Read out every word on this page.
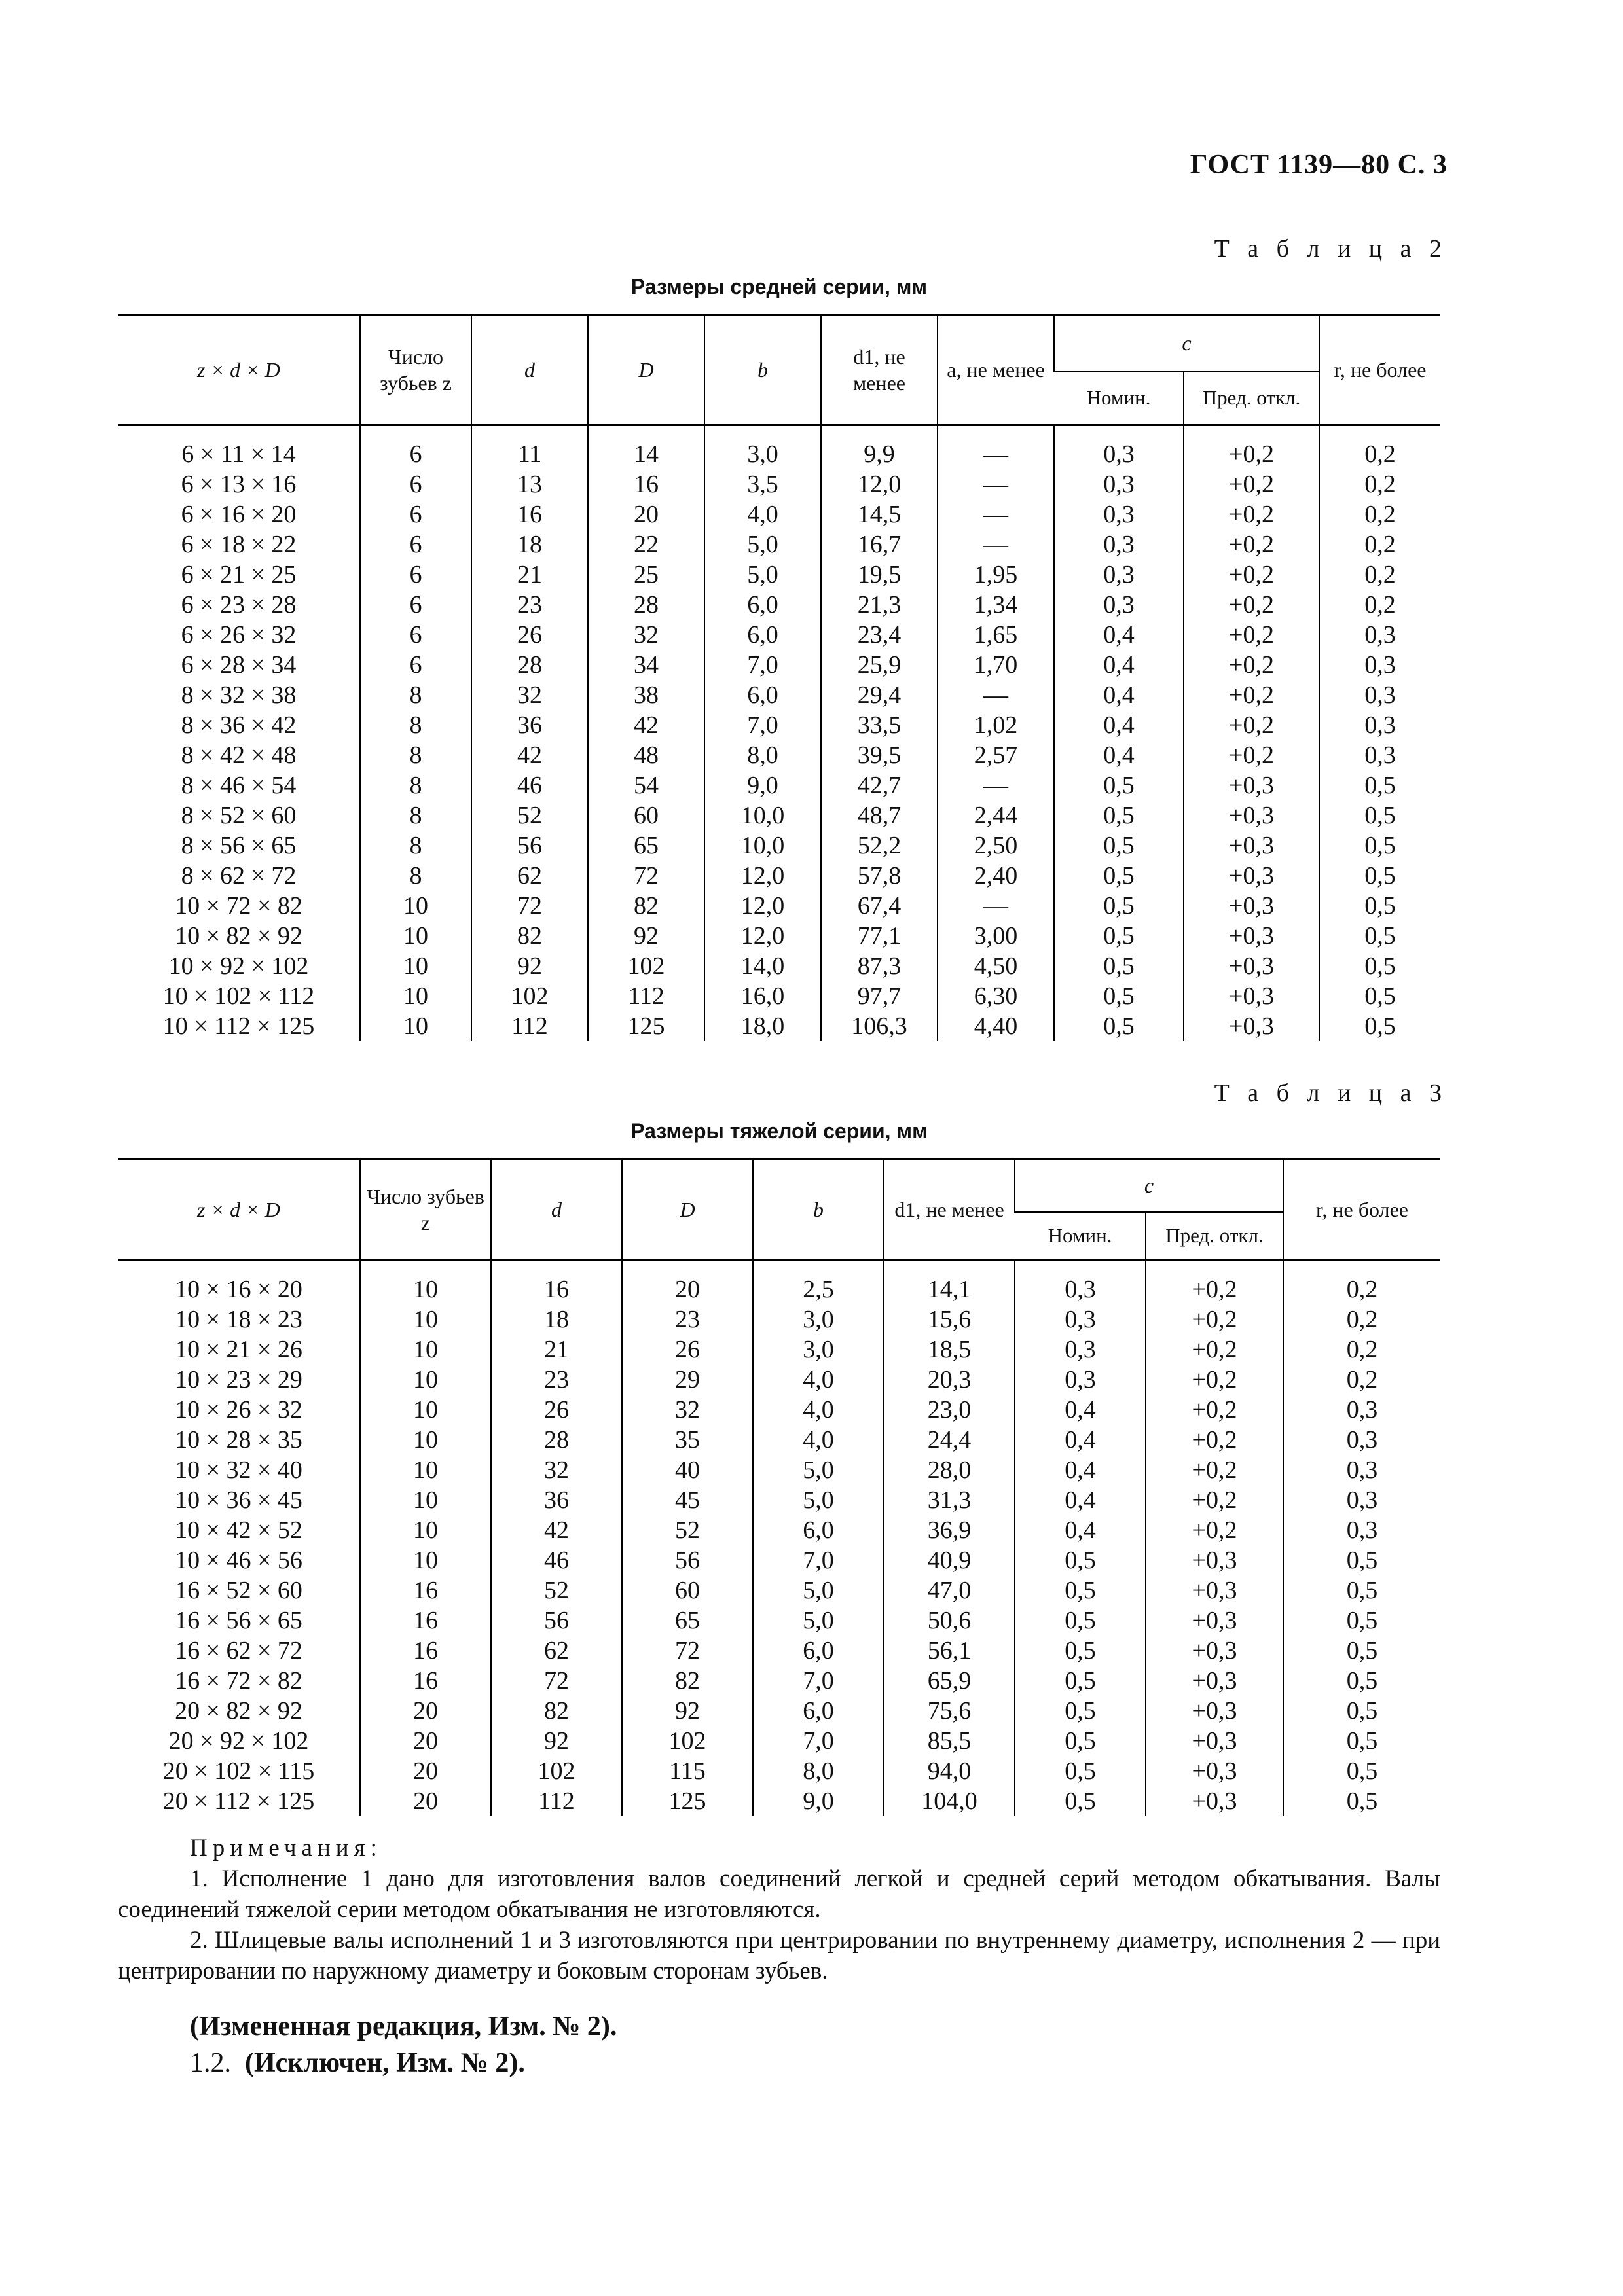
ГОСТ 1139—80 С. 3
Т а б л и ц а 2
Размеры средней серии, мм
z × d × D	Число зубьев z	d	D	b	d1, не менее	a, не менее	c		r, не более
							Номин.	Пред. откл.	
6 × 11 × 14	6	11	14	3,0	9,9	—	0,3	+0,2	0,2
6 × 13 × 16	6	13	16	3,5	12,0	—	0,3	+0,2	0,2
6 × 16 × 20	6	16	20	4,0	14,5	—	0,3	+0,2	0,2
6 × 18 × 22	6	18	22	5,0	16,7	—	0,3	+0,2	0,2
6 × 21 × 25	6	21	25	5,0	19,5	1,95	0,3	+0,2	0,2
6 × 23 × 28	6	23	28	6,0	21,3	1,34	0,3	+0,2	0,2
6 × 26 × 32	6	26	32	6,0	23,4	1,65	0,4	+0,2	0,3
6 × 28 × 34	6	28	34	7,0	25,9	1,70	0,4	+0,2	0,3
8 × 32 × 38	8	32	38	6,0	29,4	—	0,4	+0,2	0,3
8 × 36 × 42	8	36	42	7,0	33,5	1,02	0,4	+0,2	0,3
8 × 42 × 48	8	42	48	8,0	39,5	2,57	0,4	+0,2	0,3
8 × 46 × 54	8	46	54	9,0	42,7	—	0,5	+0,3	0,5
8 × 52 × 60	8	52	60	10,0	48,7	2,44	0,5	+0,3	0,5
8 × 56 × 65	8	56	65	10,0	52,2	2,50	0,5	+0,3	0,5
8 × 62 × 72	8	62	72	12,0	57,8	2,40	0,5	+0,3	0,5
10 × 72 × 82	10	72	82	12,0	67,4	—	0,5	+0,3	0,5
10 × 82 × 92	10	82	92	12,0	77,1	3,00	0,5	+0,3	0,5
10 × 92 × 102	10	92	102	14,0	87,3	4,50	0,5	+0,3	0,5
10 × 102 × 112	10	102	112	16,0	97,7	6,30	0,5	+0,3	0,5
10 × 112 × 125	10	112	125	18,0	106,3	4,40	0,5	+0,3	0,5
Т а б л и ц а 3
Размеры тяжелой серии, мм
z × d × D	Число зубьев z	d	D	b	d1, не менее	c		r, не более
						Номин.	Пред. откл.	
10 × 16 × 20	10	16	20	2,5	14,1	0,3	+0,2	0,2
10 × 18 × 23	10	18	23	3,0	15,6	0,3	+0,2	0,2
10 × 21 × 26	10	21	26	3,0	18,5	0,3	+0,2	0,2
10 × 23 × 29	10	23	29	4,0	20,3	0,3	+0,2	0,2
10 × 26 × 32	10	26	32	4,0	23,0	0,4	+0,2	0,3
10 × 28 × 35	10	28	35	4,0	24,4	0,4	+0,2	0,3
10 × 32 × 40	10	32	40	5,0	28,0	0,4	+0,2	0,3
10 × 36 × 45	10	36	45	5,0	31,3	0,4	+0,2	0,3
10 × 42 × 52	10	42	52	6,0	36,9	0,4	+0,2	0,3
10 × 46 × 56	10	46	56	7,0	40,9	0,5	+0,3	0,5
16 × 52 × 60	16	52	60	5,0	47,0	0,5	+0,3	0,5
16 × 56 × 65	16	56	65	5,0	50,6	0,5	+0,3	0,5
16 × 62 × 72	16	62	72	6,0	56,1	0,5	+0,3	0,5
16 × 72 × 82	16	72	82	7,0	65,9	0,5	+0,3	0,5
20 × 82 × 92	20	82	92	6,0	75,6	0,5	+0,3	0,5
20 × 92 × 102	20	92	102	7,0	85,5	0,5	+0,3	0,5
20 × 102 × 115	20	102	115	8,0	94,0	0,5	+0,3	0,5
20 × 112 × 125	20	112	125	9,0	104,0	0,5	+0,3	0,5

Примечания:

1. Исполнение 1 дано для изготовления валов соединений легкой и средней серий методом обкатывания. Валы соединений тяжелой серии методом обкатывания не изготовляются.

2. Шлицевые валы исполнений 1 и 3 изготовляются при центрировании по внутреннему диаметру, исполнения 2 — при центрировании по наружному диаметру и боковым сторонам зубьев.

(Измененная редакция, Изм. № 2).
1.2. (Исключен, Изм. № 2).
